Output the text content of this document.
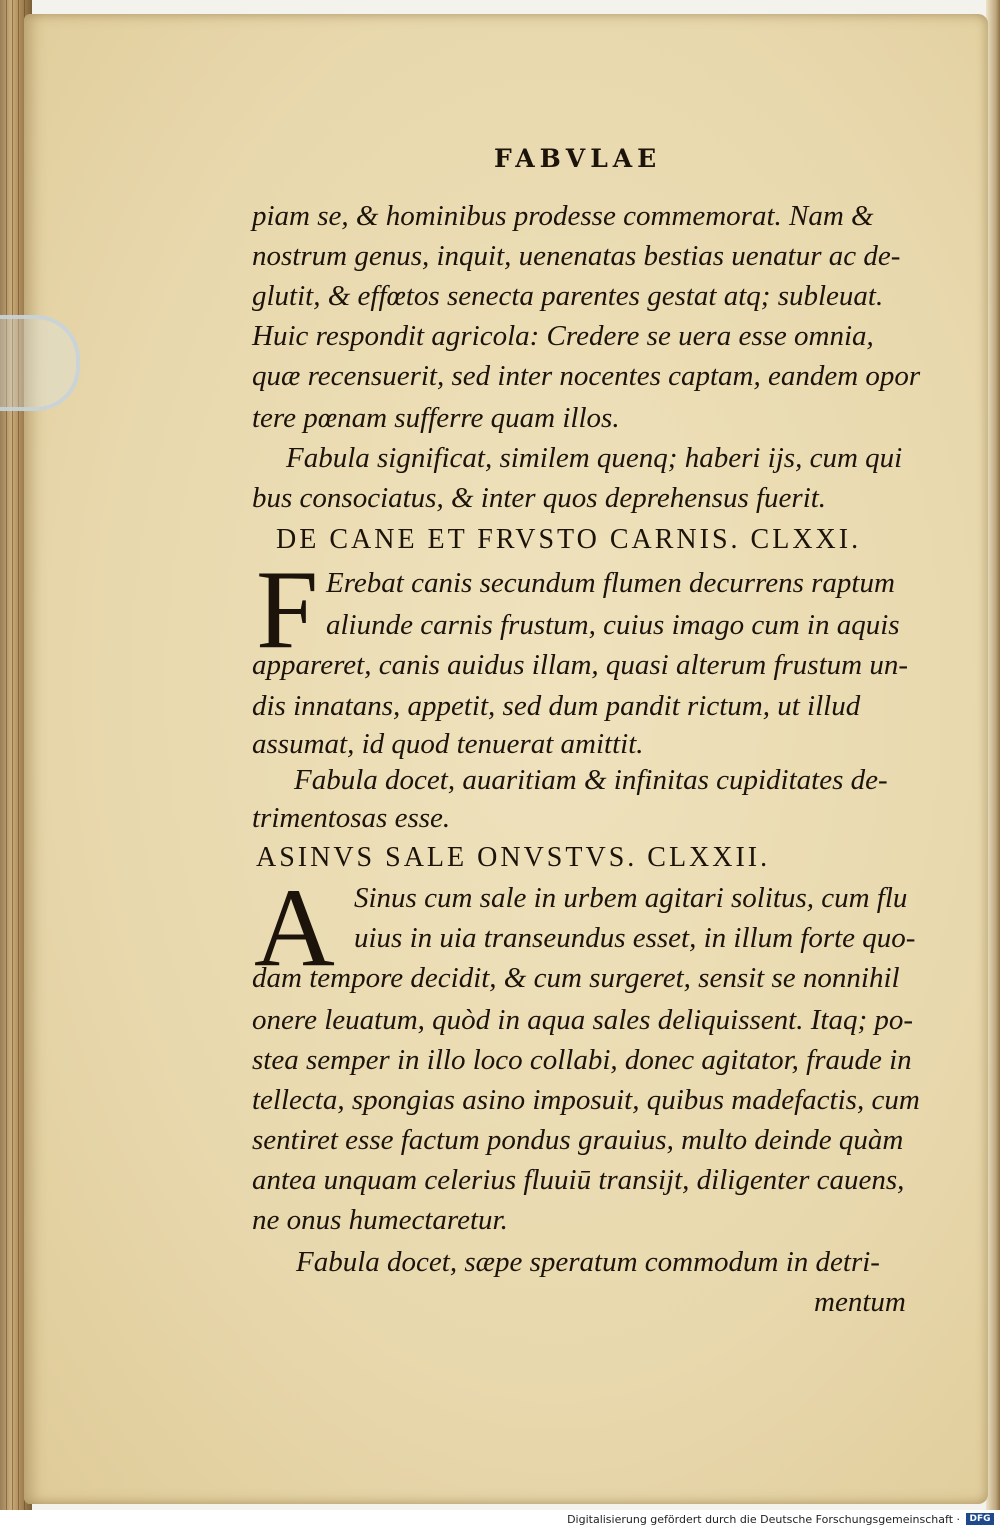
FABVLAE
piam se, & hominibus prodesse commemorat. Nam &
nostrum genus, inquit, uenenatas bestias uenatur ac de-
glutit, & effœtos senecta parentes gestat atq; subleuat.
Huic respondit agricola: Credere se uera esse omnia,
quæ recensuerit, sed inter nocentes captam, eandem opor
tere pœnam sufferre quam illos.
Fabula significat, similem quenq; haberi ijs, cum qui
bus consociatus, & inter quos deprehensus fuerit.
DE CANE ET FRVSTO CARNIS. CLXXI.
F Erebat canis secundum flumen decurrens raptum
aliunde carnis frustum, cuius imago cum in aquis
appareret, canis auidus illam, quasi alterum frustum un-
dis innatans, appetit, sed dum pandit rictum, ut illud
assumat, id quod tenuerat amittit.
Fabula docet, auaritiam & infinitas cupiditates de-
trimentosas esse.
ASINVS SALE ONVSTVS. CLXXII.
A Sinus cum sale in urbem agitari solitus, cum flu
uius in uia transeundus esset, in illum forte quo-
dam tempore decidit, & cum surgeret, sensit se nonnihil
onere leuatum, quòd in aqua sales deliquissent. Itaq; po-
stea semper in illo loco collabi, donec agitator, fraude in
tellecta, spongias asino imposuit, quibus madefactis, cum
sentiret esse factum pondus grauius, multo deinde quàm
antea unquam celerius fluuiū transijt, diligenter cauens,
ne onus humectaretur.
Fabula docet, sæpe speratum commodum in detri-
mentum
Digitalisierung gefördert durch die Deutsche Forschungsgemeinschaft ·	DFG
